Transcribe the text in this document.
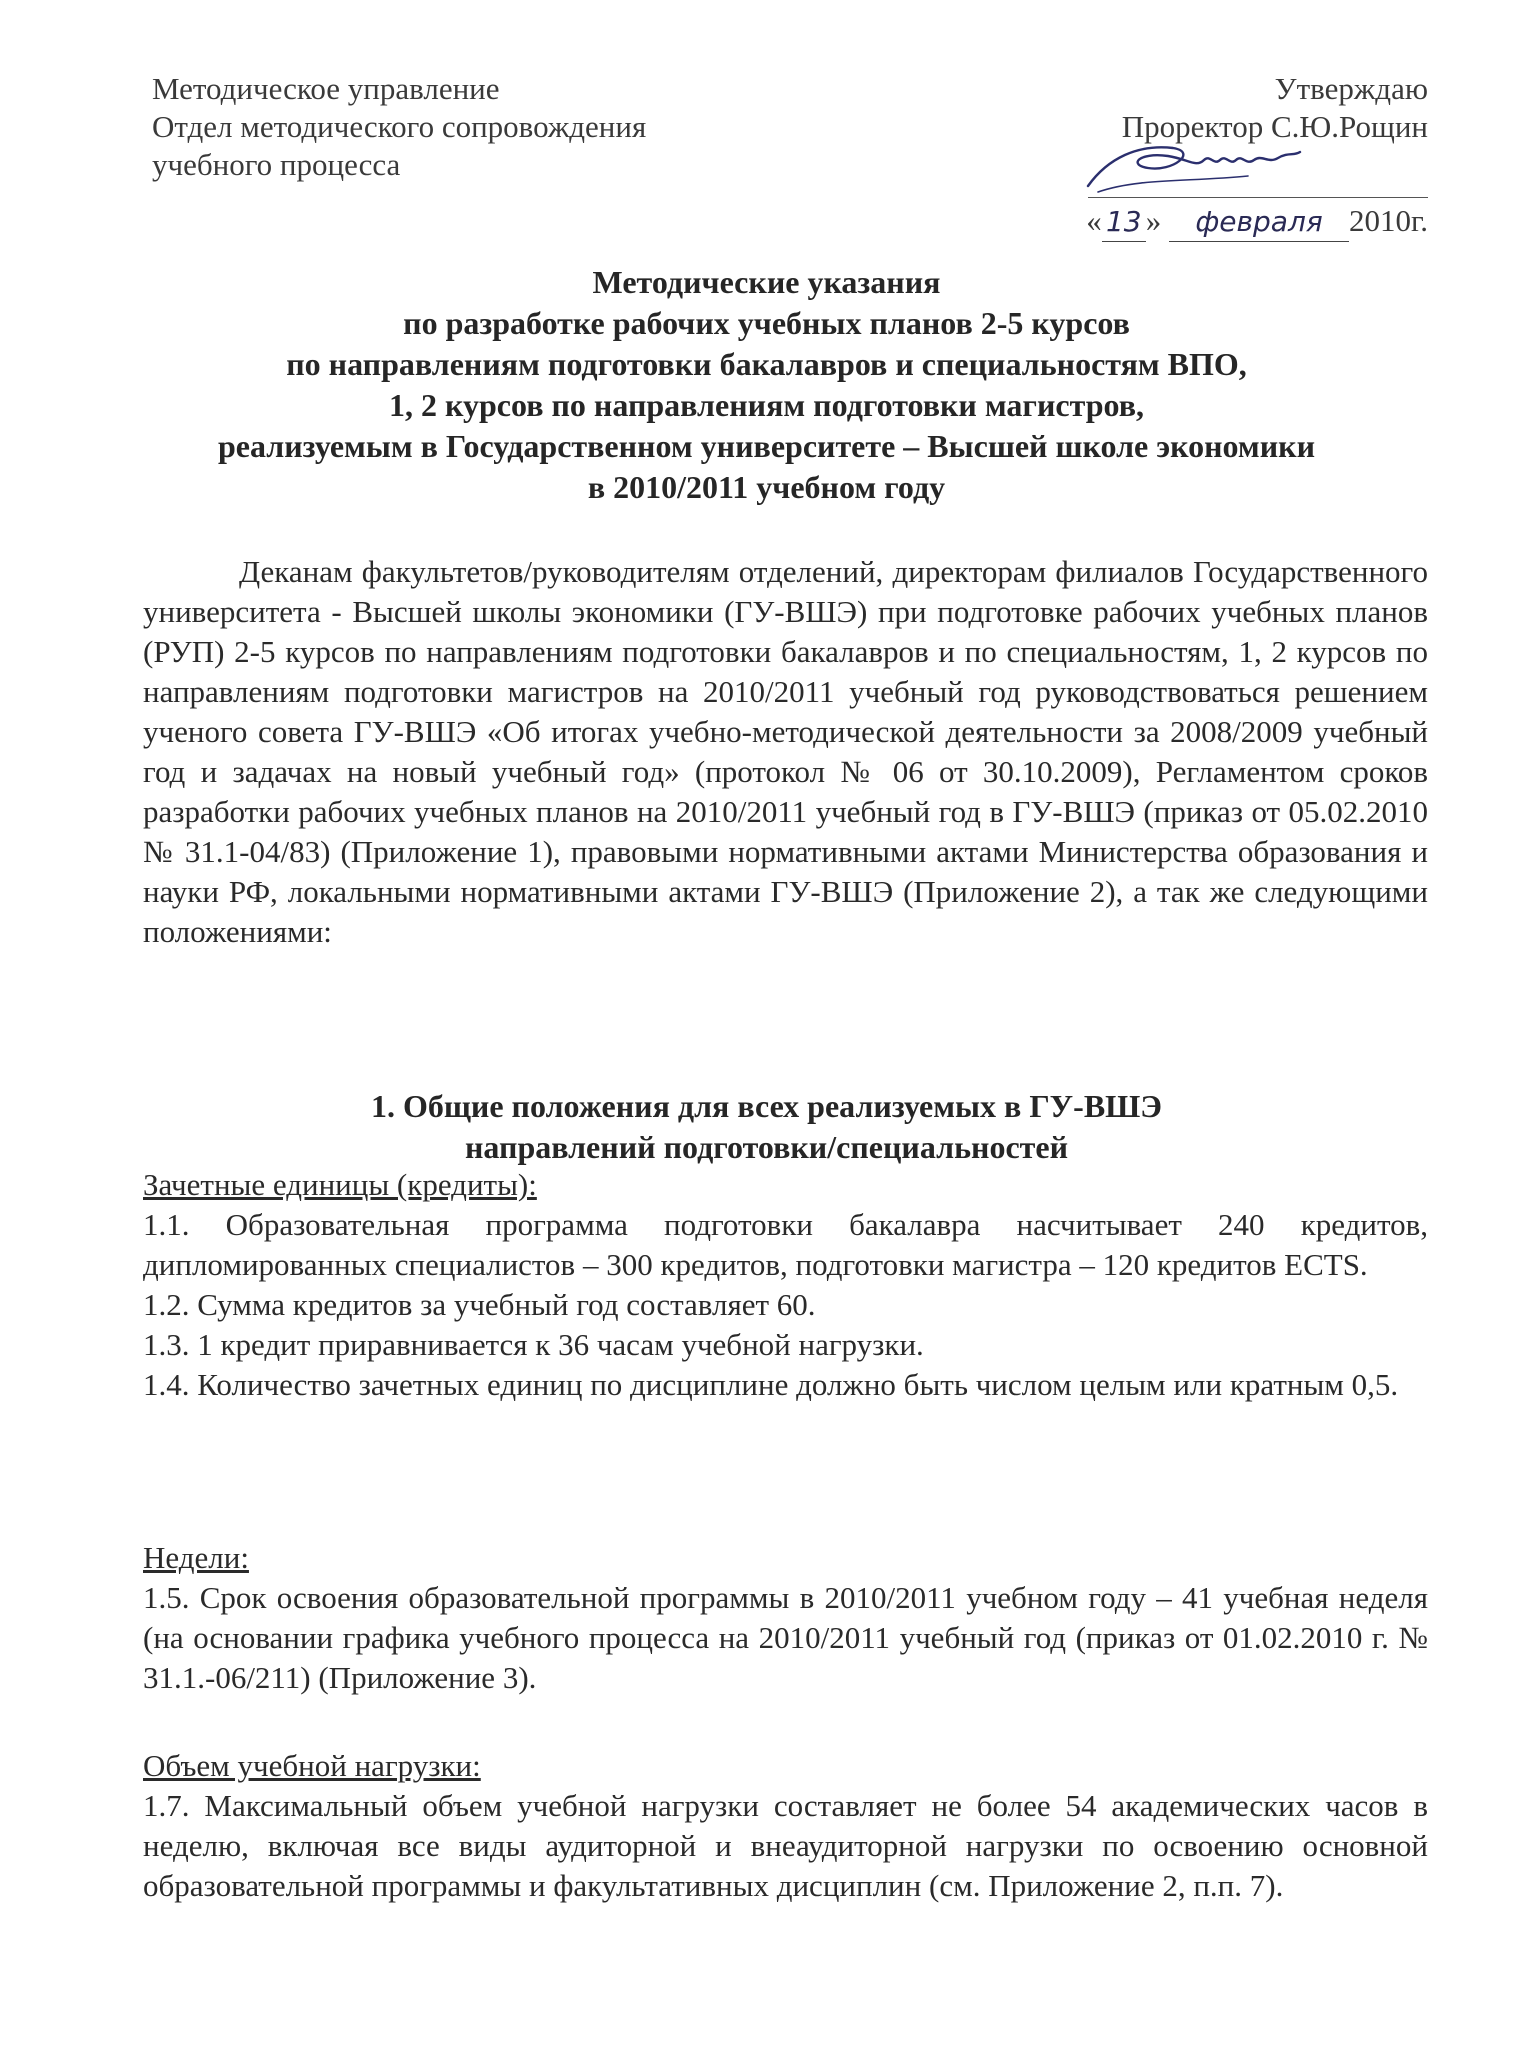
Методическое управление
Отдел методического сопровождения
учебного процесса
Утверждаю
Проректор С.Ю.Рощин
« 13 » февраля 2010г.
Методические указания
по разработке рабочих учебных планов 2-5 курсов
по направлениям подготовки бакалавров и специальностям ВПО,
1, 2 курсов по направлениям подготовки магистров,
реализуемым в Государственном университете – Высшей школе экономики
в 2010/2011 учебном году
Деканам факультетов/руководителям отделений, директорам филиалов Государственного университета - Высшей школы экономики (ГУ-ВШЭ) при подготовке рабочих учебных планов (РУП) 2-5 курсов по направлениям подготовки бакалавров и по специальностям, 1, 2 курсов по направлениям подготовки магистров на 2010/2011 учебный год руководствоваться решением ученого совета ГУ-ВШЭ «Об итогах учебно-методической деятельности за 2008/2009 учебный год и задачах на новый учебный год» (протокол № 06 от 30.10.2009), Регламентом сроков разработки рабочих учебных планов на 2010/2011 учебный год в ГУ-ВШЭ (приказ от 05.02.2010 № 31.1-04/83) (Приложение 1), правовыми нормативными актами Министерства образования и науки РФ, локальными нормативными актами ГУ-ВШЭ (Приложение 2), а так же следующими положениями:
1. Общие положения для всех реализуемых в ГУ-ВШЭ
направлений подготовки/специальностей
Зачетные единицы (кредиты):
1.1. Образовательная программа подготовки бакалавра насчитывает 240 кредитов, дипломированных специалистов – 300 кредитов, подготовки магистра – 120 кредитов ECTS.
1.2. Сумма кредитов за учебный год составляет 60.
1.3. 1 кредит приравнивается к 36 часам учебной нагрузки.
1.4. Количество зачетных единиц по дисциплине должно быть числом целым или кратным 0,5.
Недели:
1.5. Срок освоения образовательной программы в 2010/2011 учебном году – 41 учебная неделя (на основании графика учебного процесса на 2010/2011 учебный год (приказ от 01.02.2010 г. № 31.1.-06/211) (Приложение 3).
Объем учебной нагрузки:
1.7. Максимальный объем учебной нагрузки составляет не более 54 академических часов в неделю, включая все виды аудиторной и внеаудиторной нагрузки по освоению основной образовательной программы и факультативных дисциплин (см. Приложение 2, п.п. 7).
